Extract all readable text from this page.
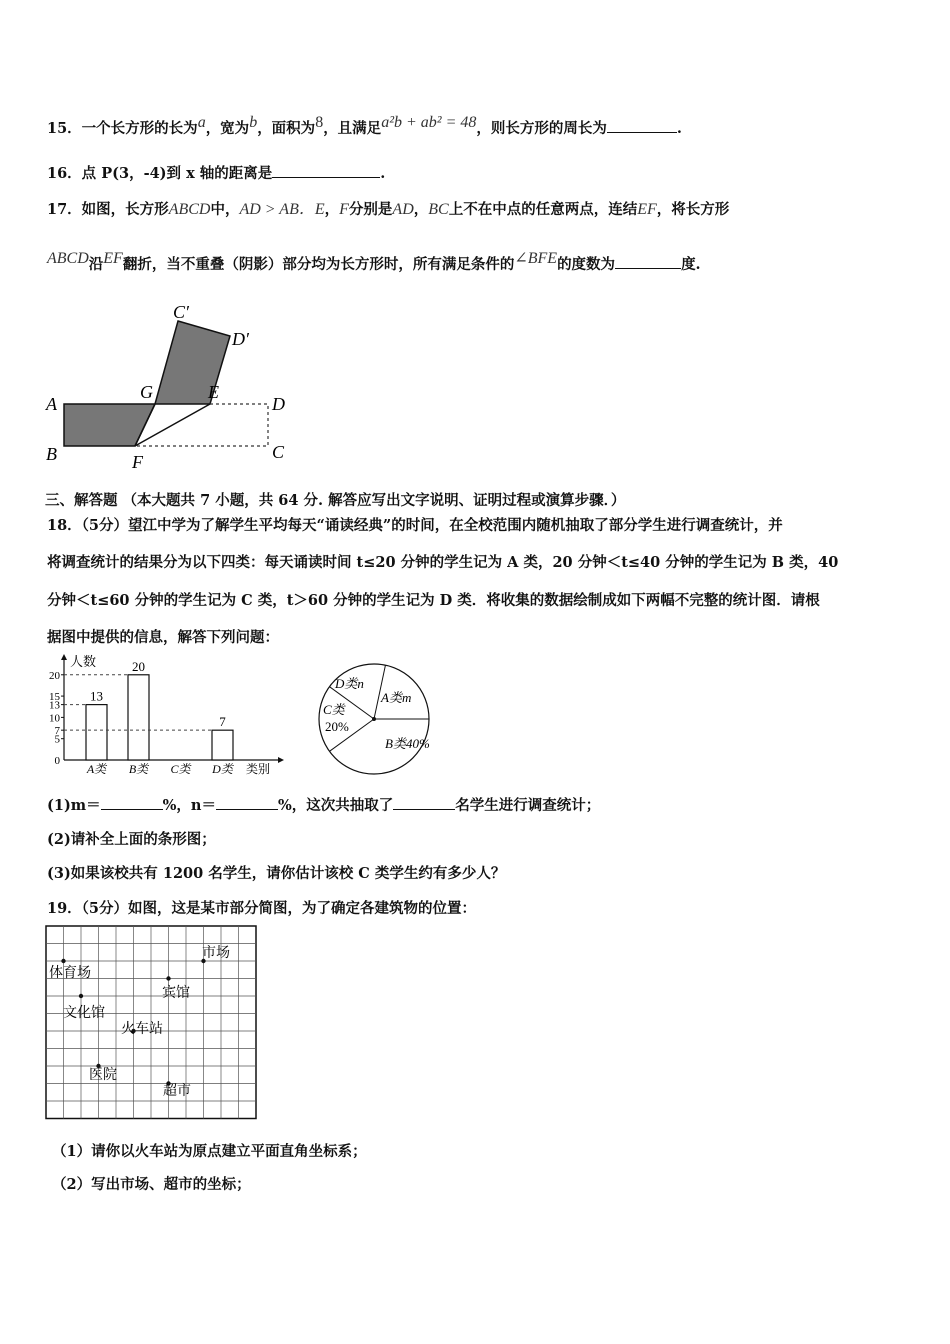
15．一个长方形的长为$^a$，宽为$^b$，面积为$^8$，且满足$^{a^2b + ab^2 = 48}$，则长方形的周长为	.
16．点 P(3，-4)到 x 轴的距离是	.
17．如图，长方形ABCD中，AD > AB．E，F分别是AD，BC上不在中点的任意两点，连结EF，将长方形
$^{ABCD}$沿$^{EF}$翻折，当不重叠（阴影）部分均为长方形时，所有满足条件的$^{\angle BFE}$的度数为	度.
C′
D′
G	E
A	D
B	C
F
三、解答题 （本大题共 7 小题，共 64 分. 解答应写出文字说明、证明过程或演算步骤．）
18．（5分）望江中学为了解学生平均每天“诵读经典”的时间，在全校范围内随机抽取了部分学生进行调查统计，并
将调查统计的结果分为以下四类：每天诵读时间 t≤20 分钟的学生记为 A 类，20 分钟＜t≤40 分钟的学生记为 B 类，40
分钟＜t≤60 分钟的学生记为 C 类，t＞60 分钟的学生记为 D 类．将收集的数据绘制成如下两幅不完整的统计图．请根
据图中提供的信息，解答下列问题：
人数
类别
0
5
7
10
13
15
20
A类
13
B类
20
C类 D类
7
A类m
B类40%
C类
20%
D类n
(1)m＝	%，n＝	%，这次共抽取了	名学生进行调查统计；
(2)请补全上面的条形图；
(3)如果该校共有 1200 名学生，请你估计该校 C 类学生约有多少人？
19．（5分）如图，这是某市部分简图，为了确定各建筑物的位置：
市场
体育场
宾馆
文化馆
火车站
医院
超市
（1）请你以火车站为原点建立平面直角坐标系；
（2）写出市场、超市的坐标；
